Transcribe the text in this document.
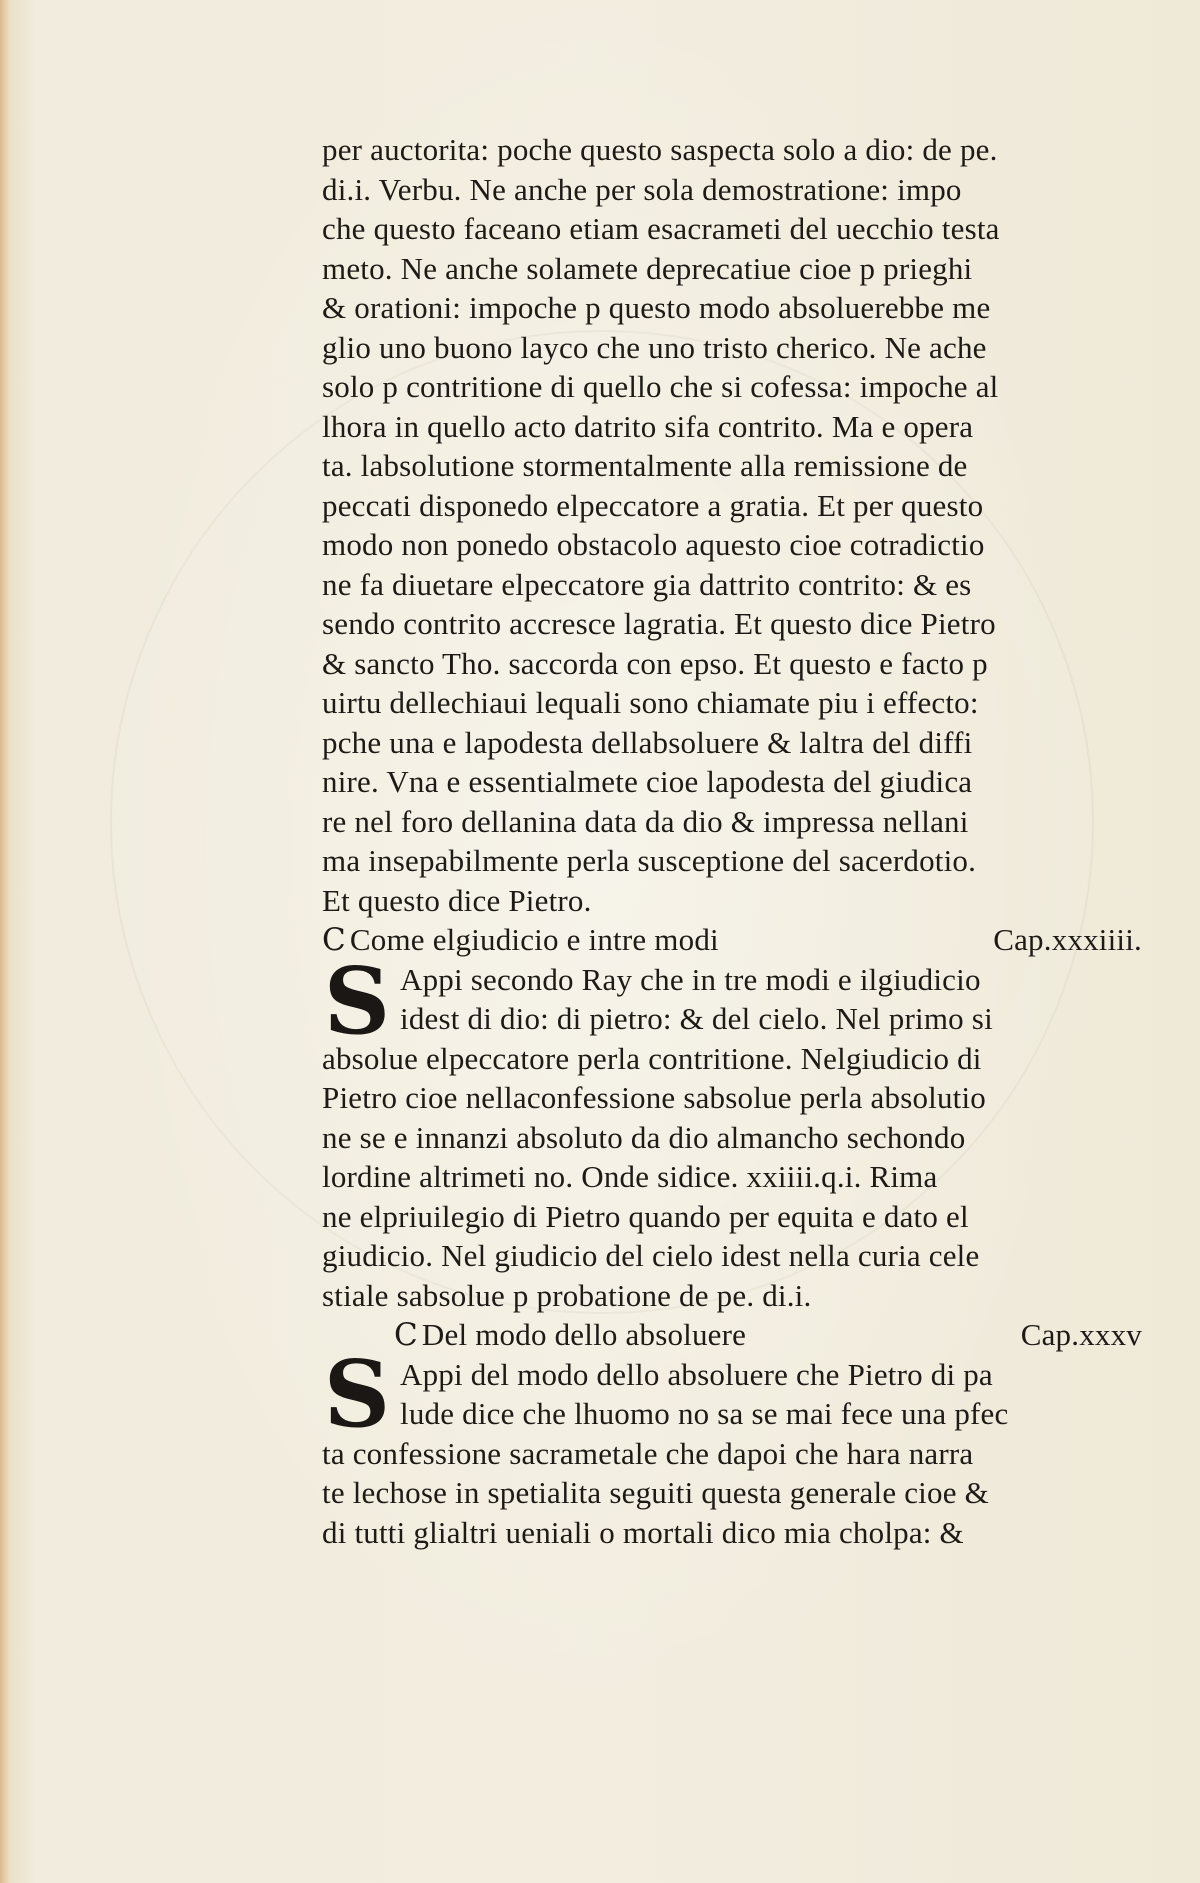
per auctorita: poche questo saspecta solo a dio: de pe.
di.i. Verbu. Ne anche per sola demostratione: impo
che questo faceano etiam esacrameti del uecchio testa
meto. Ne anche solamete deprecatiue cioe p prieghi
& orationi: impoche p questo modo absoluerebbe me
glio uno buono layco che uno tristo cherico. Ne ache
solo p contritione di quello che si cofessa: impoche al
lhora in quello acto datrito sifa contrito. Ma e opera
ta. labsolutione stormentalmente alla remissione de
peccati disponedo elpeccatore a gratia. Et per questo
modo non ponedo obstacolo aquesto cioe cotradictio
ne fa diuetare elpeccatore gia dattrito contrito: & es
sendo contrito accresce lagratia. Et questo dice Pietro
& sancto Tho. saccorda con epso. Et questo e facto p
uirtu dellechiaui lequali sono chiamate piu i effecto:
pche una e lapodesta dellabsoluere & laltra del diffi
nire. Vna e essentialmete cioe lapodesta del giudica
re nel foro dellanina data da dio & impressa nellani
ma insepabilmente perla susceptione del sacerdotio.
Et questo dice Pietro.
Ⅽ Come elgiudicio e intre modi	Cap.xxxiiii.
Appi secondo Ray che in tre modi e ilgiudicio
idest di dio: di pietro: & del cielo. Nel primo si
absolue elpeccatore perla contritione. Nelgiudicio di
Pietro cioe nellaconfessione sabsolue perla absolutio
ne se e innanzi absoluto da dio almancho sechondo
lordine altrimeti no. Onde sidice. xxiiii.q.i. Rima
ne elpriuilegio di Pietro quando per equita e dato el
giudicio. Nel giudicio del cielo idest nella curia cele
stiale sabsolue p probatione de pe. di.i.
Ⅽ Del modo dello absoluere	Cap.xxxv
Appi del modo dello absoluere che Pietro di pa
lude dice che lhuomo no sa se mai fece una pfec
ta confessione sacrametale che dapoi che hara narra
te lechose in spetialita seguiti questa generale cioe &
di tutti glialtri ueniali o mortali dico mia cholpa: &
S
S
